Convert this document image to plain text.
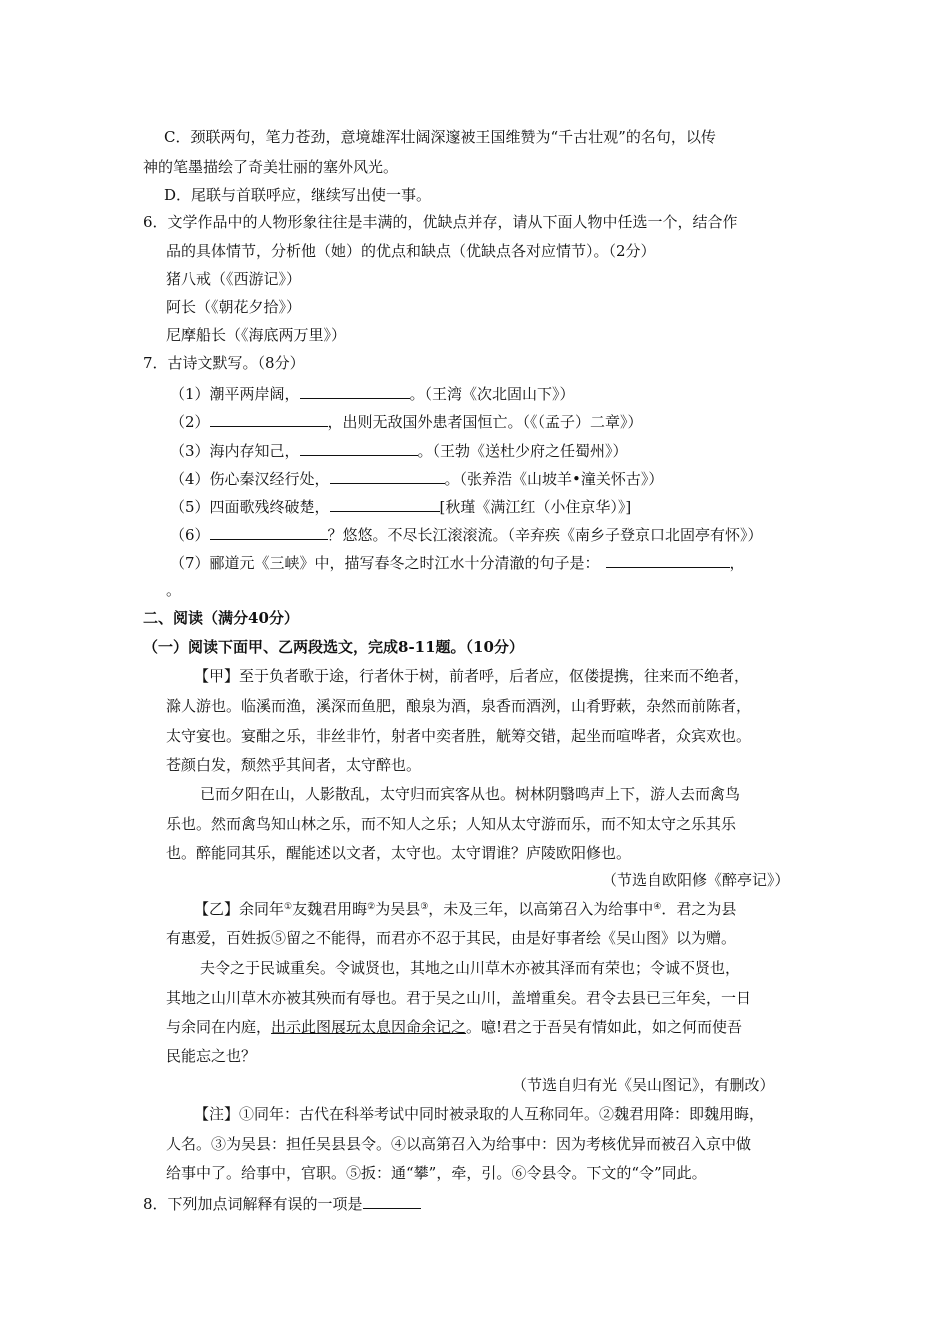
C．颈联两句，笔力苍劲，意境雄浑壮阔深邃被王国维赞为“千古壮观”的名句，以传
神的笔墨描绘了奇美壮丽的塞外风光。
D．尾联与首联呼应，继续写出使一事。
6．文学作品中的人物形象往往是丰满的，优缺点并存，请从下面人物中任选一个，结合作
品的具体情节，分析他（她）的优点和缺点（优缺点各对应情节）。（2分）
猪八戒（《西游记》）
阿长（《朝花夕拾》）
尼摩船长（《海底两万里》）
7．古诗文默写。（8分）
（1）潮平两岸阔，	。（王湾《次北固山下》）
（2）	，出则无敌国外患者国恒亡。（《（孟子）二章》）
（3）海内存知己，	。（王勃《送杜少府之任蜀州》）
（4）伤心秦汉经行处，	。（张养浩《山坡羊•潼关怀古》）
（5）四面歌残终破楚，	[秋瑾《满江红（小住京华）》]
（6）	？悠悠。不尽长江滚滚流。（辛弃疾《南乡子登京口北固亭有怀》）
（7）郦道元《三峡》中，描写春冬之时江水十分清澈的句子是：	，
。
二、阅读（满分40分）
（一）阅读下面甲、乙两段选文，完成8-11题。（10分）
【甲】至于负者歌于途，行者休于树，前者呼，后者应，伛偻提携，往来而不绝者，
滁人游也。临溪而渔，溪深而鱼肥，酿泉为酒，泉香而酒洌，山肴野蔌，杂然而前陈者，
太守宴也。宴酣之乐，非丝非竹，射者中奕者胜，觥筹交错，起坐而喧哗者，众宾欢也。
苍颜白发，颓然乎其间者，太守醉也。
已而夕阳在山，人影散乱，太守归而宾客从也。树林阴翳鸣声上下，游人去而禽鸟
乐也。然而禽鸟知山林之乐，而不知人之乐；人知从太守游而乐，而不知太守之乐其乐
也。醉能同其乐，醒能述以文者，太守也。太守谓谁？庐陵欧阳修也。
（节选自欧阳修《醉亭记》）
【乙】余同年①友魏君用晦②为吴县③，未及三年，以高第召入为给事中④．君之为县
有惠爱，百姓扳⑤留之不能得，而君亦不忍于其民，由是好事者绘《吴山图》以为赠。
夫令之于民诚重矣。令诚贤也，其地之山川草木亦被其泽而有荣也；令诚不贤也，
其地之山川草木亦被其殃而有辱也。君于吴之山川，盖增重矣。君令去县已三年矣，一日
与余同在内庭，出示此图展玩太息因命余记之。噫!君之于吾吴有情如此，如之何而使吾
民能忘之也？
（节选自归有光《吴山图记》，有删改）
【注】①同年：古代在科举考试中同时被录取的人互称同年。②魏君用降：即魏用晦，
人名。③为吴县：担任吴县县令。④以高第召入为给事中：因为考核优异而被召入京中做
给事中了。给事中，官职。⑤扳：通“攀”，牵，引。⑥令县令。下文的“令”同此。
8．下列加点词解释有误的一项是
